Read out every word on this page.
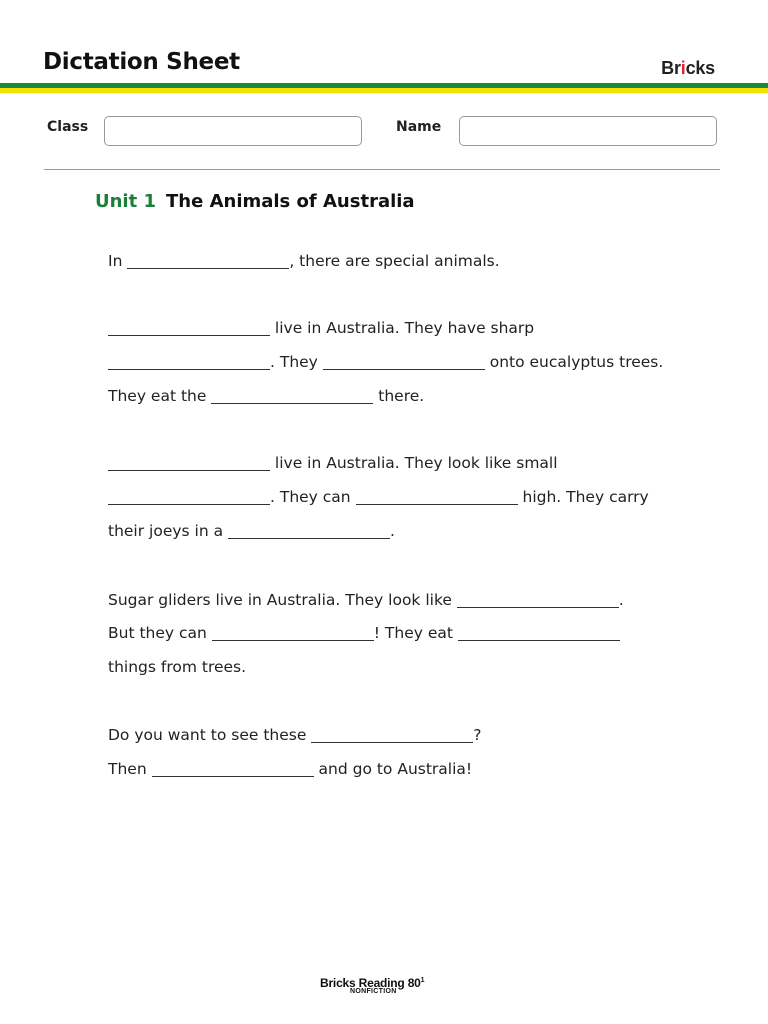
Dictation Sheet	Bricks
Class	Name
Unit 1 The Animals of Australia
In	, there are special animals.
live in Australia. They have sharp
. They	onto eucalyptus trees.
They eat the	there.
live in Australia. They look like small
. They can	high. They carry
their joeys in a	.
Sugar gliders live in Australia. They look like	.
But they can	! They eat
things from trees.
Do you want to see these	?
Then	and go to Australia!
Bricks Reading $80^1$
NONFICTION
